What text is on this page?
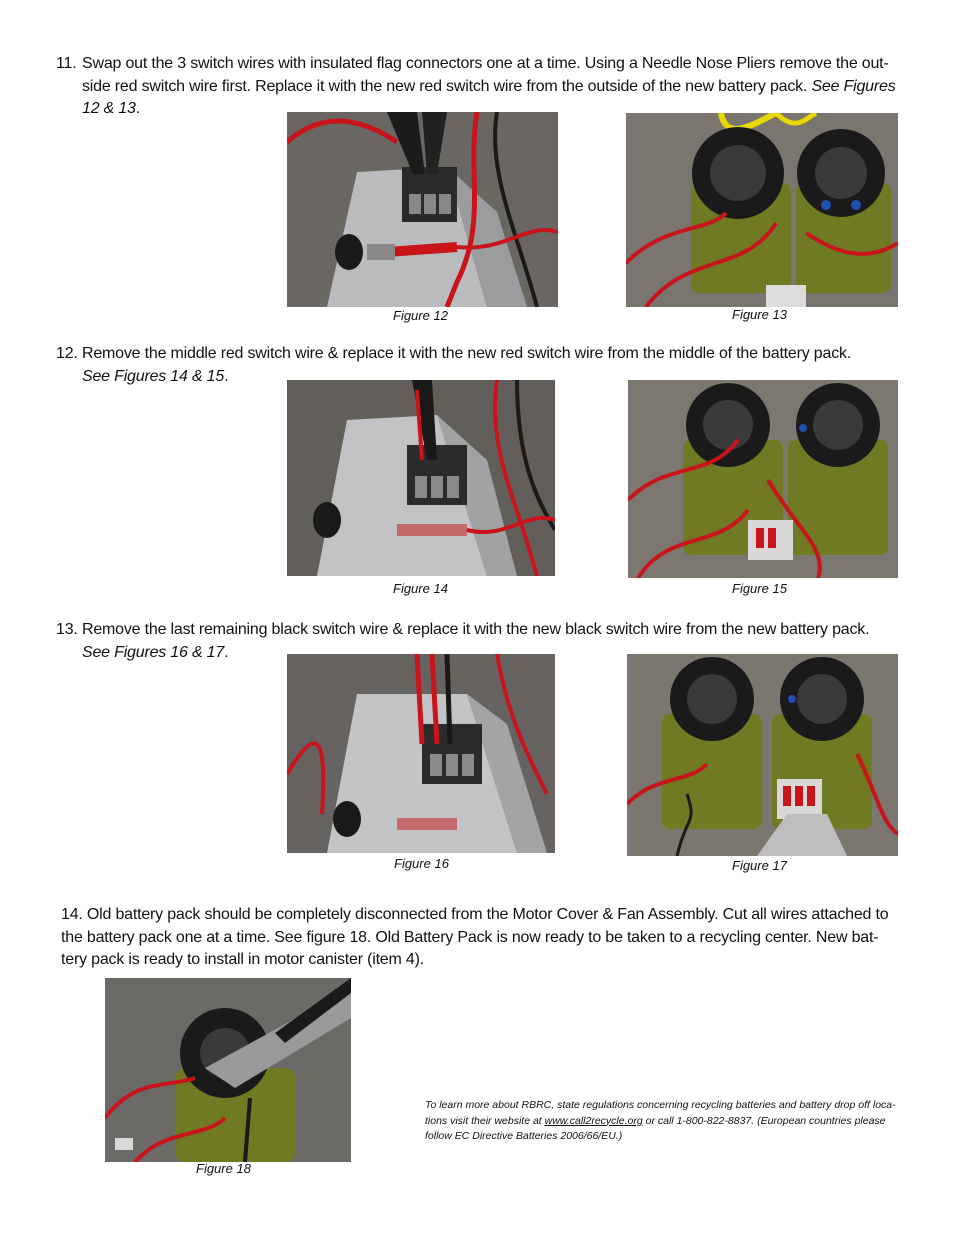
11. Swap out the 3 switch wires with insulated flag connectors one at a time. Using a Needle Nose Pliers remove the out-side red switch wire first. Replace it with the new red switch wire from the outside of the new battery pack. See Figures 12 & 13.
Figure 12	Figure 13
12. Remove the middle red switch wire & replace it with the new red switch wire from the middle of the battery pack.
See Figures 14 & 15.
Figure 14	Figure 15
13. Remove the last remaining black switch wire & replace it with the new black switch wire from the new battery pack.
See Figures 16 & 17.
Figure 16	Figure 17
14. Old battery pack should be completely disconnected from the Motor Cover & Fan Assembly. Cut all wires attached to the battery pack one at a time. See figure 18. Old Battery Pack is now ready to be taken to a recycling center. New bat-tery pack is ready to install in motor canister (item 4).
Figure 18
To learn more about RBRC, state regulations concerning recycling batteries and battery drop off loca-tions visit their website at www.call2recycle.org or call 1-800-822-8837. (European countries please follow EC Directive Batteries 2006/66/EU.)
